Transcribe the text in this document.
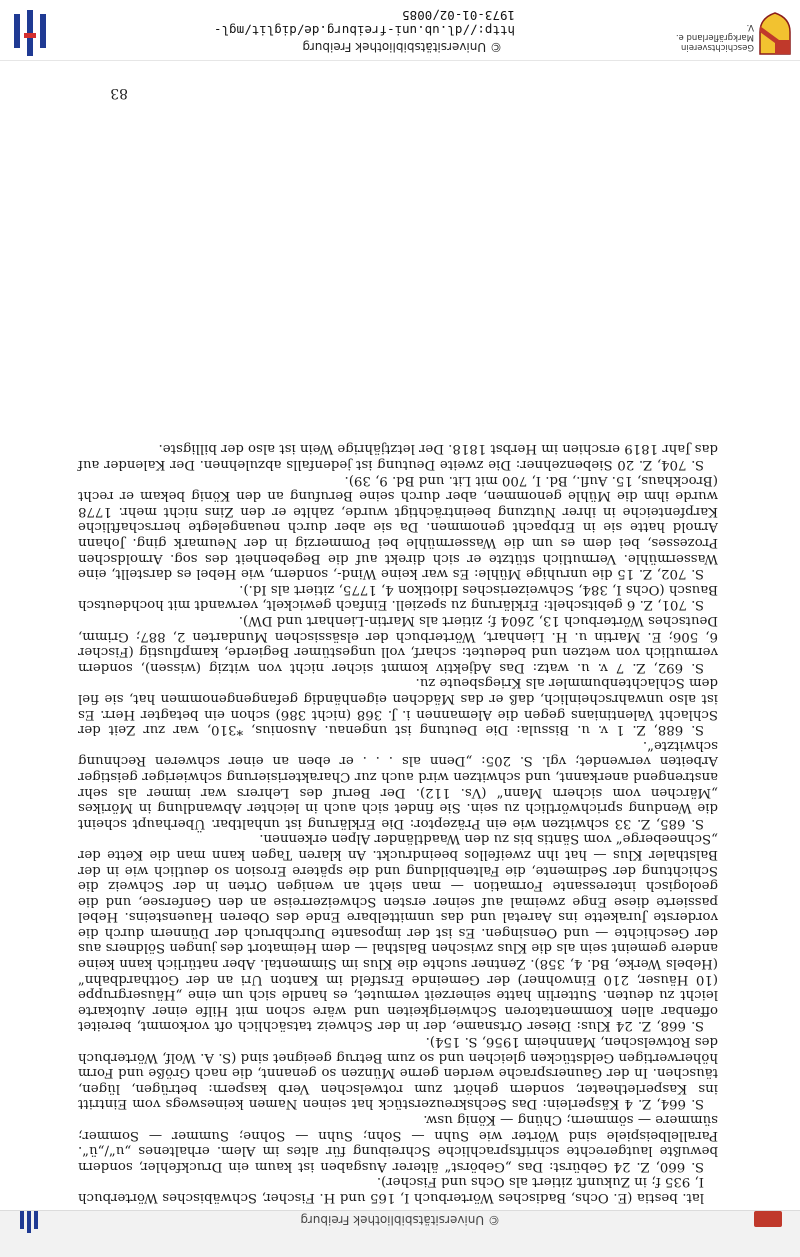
© Universitätsbibliothek Freiburg

lat. bestia (E. Ochs, Badisches Wörterbuch I, 165 und H. Fischer, Schwäbisches Wörterbuch I, 935 f; in Zukunft zitiert als Ochs und Fischer).

S. 660, Z. 24 Gebürst: Das „Gebörst“ älterer Ausgaben ist kaum ein Druckfehler, sondern bewußte lautgerechte schriftsprachliche Schreibung für altes im Alem. erhaltenes „u“/„ü“. Parallelbeispiele sind Wörter wie Suhn — Sohn; Suhn — Sohne; Summer — Sommer; sümmere — sömmern; Chüng — König usw.

S. 664, Z. 4 Käsperlein: Das Sechskreuzerstück hat seinen Namen keineswegs vom Eintritt ins Kasperletheater, sondern gehört zum rotwelschen Verb kaspern: betrügen, lügen, täuschen. In der Gaunersprache werden gerne Münzen so genannt, die nach Größe und Form höherwertigen Geldstücken gleichen und so zum Betrug geeignet sind (S. A. Wolf, Wörterbuch des Rotwelschen, Mannheim 1956, S. 154).

S. 668, Z. 24 Klus: Dieser Ortsname, der in der Schweiz tatsächlich oft vorkommt, bereitet offenbar allen Kommentatoren Schwierigkeiten und wäre schon mit Hilfe einer Autokarte leicht zu deuten. Sutterlin hatte seinerzeit vermutet, es handle sich um eine „Häusergruppe (10 Häuser, 210 Einwohner) der Gemeinde Erstfeld im Kanton Uri an der Gotthardbahn“ (Hebels Werke, Bd. 4, 358). Zentner suchte die Klus im Simmental. Aber natürlich kann keine andere gemeint sein als die Klus zwischen Balsthal — dem Heimatort des jungen Söldners aus der Geschichte — und Oensingen. Es ist der imposante Durchbruch der Dünnern durch die vorderste Jurakette ins Aaretal und das unmittelbare Ende des Oberen Hauensteins. Hebel passierte diese Enge zweimal auf seiner ersten Schweizerreise an den Genfersee, und die geologisch interessante Formation — man sieht an wenigen Orten in der Schweiz die Schichtung der Sedimente, die Faltenbildung und die spätere Erosion so deutlich wie in der Balsthaler Klus — hat ihn zweifellos beeindruckt. An klaren Tagen kann man die Kette der „Schneeberge“ vom Säntis bis zu den Waadtländer Alpen erkennen.

S. 685, Z. 33 schwitzen wie ein Präzeptor: Die Erklärung ist unhaltbar. Überhaupt scheint die Wendung sprichwörtlich zu sein. Sie findet sich auch in leichter Abwandlung in Mörikes „Märchen vom sichern Mann“ (Vs. 112). Der Beruf des Lehrers war immer als sehr anstrengend anerkannt, und schwitzen wird auch zur Charakterisierung schwieriger geistiger Arbeiten verwendet; vgl. S. 205: „Denn als . . . er eben an einer schweren Rechnung schwitzte“.

S. 688, Z. 1 v. u. Bissula: Die Deutung ist ungenau. Ausonius, *310, war zur Zeit der Schlacht Valentinians gegen die Alemannen i. J. 368 (nicht 386) schon ein betagter Herr. Es ist also unwahrscheinlich, daß er das Mädchen eigenhändig gefangengenommen hat, sie fiel dem Schlachtenbummler als Kriegsbeute zu.

S. 692, Z. 7 v. u. watz: Das Adjektiv kommt sicher nicht von witzig (wissen), sondern vermutlich von wetzen und bedeutet: scharf, voll ungestümer Begierde, kampflustig (Fischer 6, 506; E. Martin u. H. Lienhart, Wörterbuch der elsässischen Mundarten 2, 887; Grimm, Deutsches Wörterbuch 13, 2604 f; zitiert als Martin-Lienhart und DW).

S. 701, Z. 6 gebitschelt: Erklärung zu speziell. Einfach gewickelt, verwandt mit hochdeutsch Bausch (Ochs I, 384, Schweizerisches Idiotikon 4, 1775, zitiert als Id.).

S. 702, Z. 15 die unruhige Mühle: Es war keine Wind-, sondern, wie Hebel es darstellt, eine Wassermühle. Vermutlich stützte er sich direkt auf die Begebenheit des sog. Arnoldschen Prozesses, bei dem es um die Wassermühle bei Pommerzig in der Neumark ging. Johann Arnold hatte sie in Erbpacht genommen. Da sie aber durch neuangelegte herrschaftliche Karpfenteiche in ihrer Nutzung beeinträchtigt wurde, zahlte er den Zins nicht mehr. 1778 wurde ihm die Mühle genommen, aber durch seine Berufung an den König bekam er recht (Brockhaus, 15. Aufl., Bd. I, 700 mit Lit. und Bd. 9, 39).

S. 704, Z. 20 Siebenzehner: Die zweite Deutung ist jedenfalls abzulehnen. Der Kalender auf das Jahr 1819 erschien im Herbst 1818. Der letztjährige Wein ist also der billigste.

83
Geschichtsverein Markgräflerland e. V.
© Universitätsbibliothek Freiburg
http://dl.ub.uni-freiburg.de/diglit/mgl-1973-01-02/0085
